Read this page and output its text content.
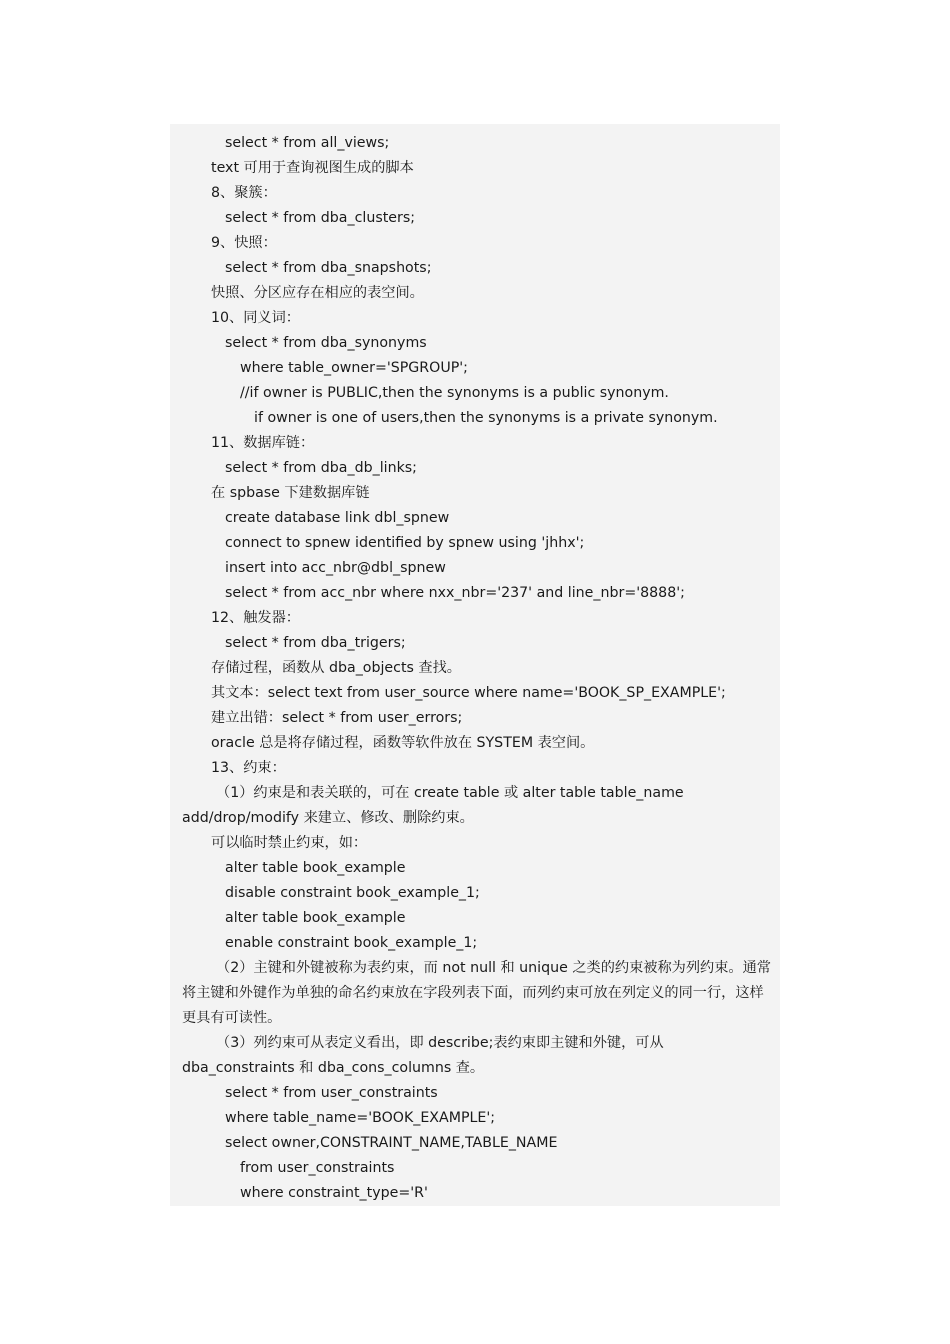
select * from all_views;
text 可用于查询视图生成的脚本
8、聚簇：
select * from dba_clusters;
9、快照：
select * from dba_snapshots;
快照、分区应存在相应的表空间。
10、同义词：
select * from dba_synonyms
where table_owner='SPGROUP';
//if owner is PUBLIC,then the synonyms is a public synonym.
if owner is one of users,then the synonyms is a private synonym.
11、数据库链：
select * from dba_db_links;
在 spbase 下建数据库链
create database link dbl_spnew
connect to spnew identified by spnew using 'jhhx';
insert into acc_nbr@dbl_spnew
select * from acc_nbr where nxx_nbr='237' and line_nbr='8888';
12、触发器：
select * from dba_trigers;
存储过程，函数从 dba_objects 查找。
其文本：select text from user_source where name='BOOK_SP_EXAMPLE';
建立出错：select * from user_errors;
oracle 总是将存储过程，函数等软件放在 SYSTEM 表空间。
13、约束：
（1）约束是和表关联的，可在 create table 或 alter table table_name
add/drop/modify 来建立、修改、删除约束。
可以临时禁止约束，如：
alter table book_example
disable constraint book_example_1;
alter table book_example
enable constraint book_example_1;
（2）主键和外键被称为表约束，而 not null 和 unique 之类的约束被称为列约束。通常
将主键和外键作为单独的命名约束放在字段列表下面，而列约束可放在列定义的同一行，这样
更具有可读性。
（3）列约束可从表定义看出，即 describe;表约束即主键和外键，可从
dba_constraints 和 dba_cons_columns 查。
select * from user_constraints
where table_name='BOOK_EXAMPLE';
select owner,CONSTRAINT_NAME,TABLE_NAME
from user_constraints
where constraint_type='R'
